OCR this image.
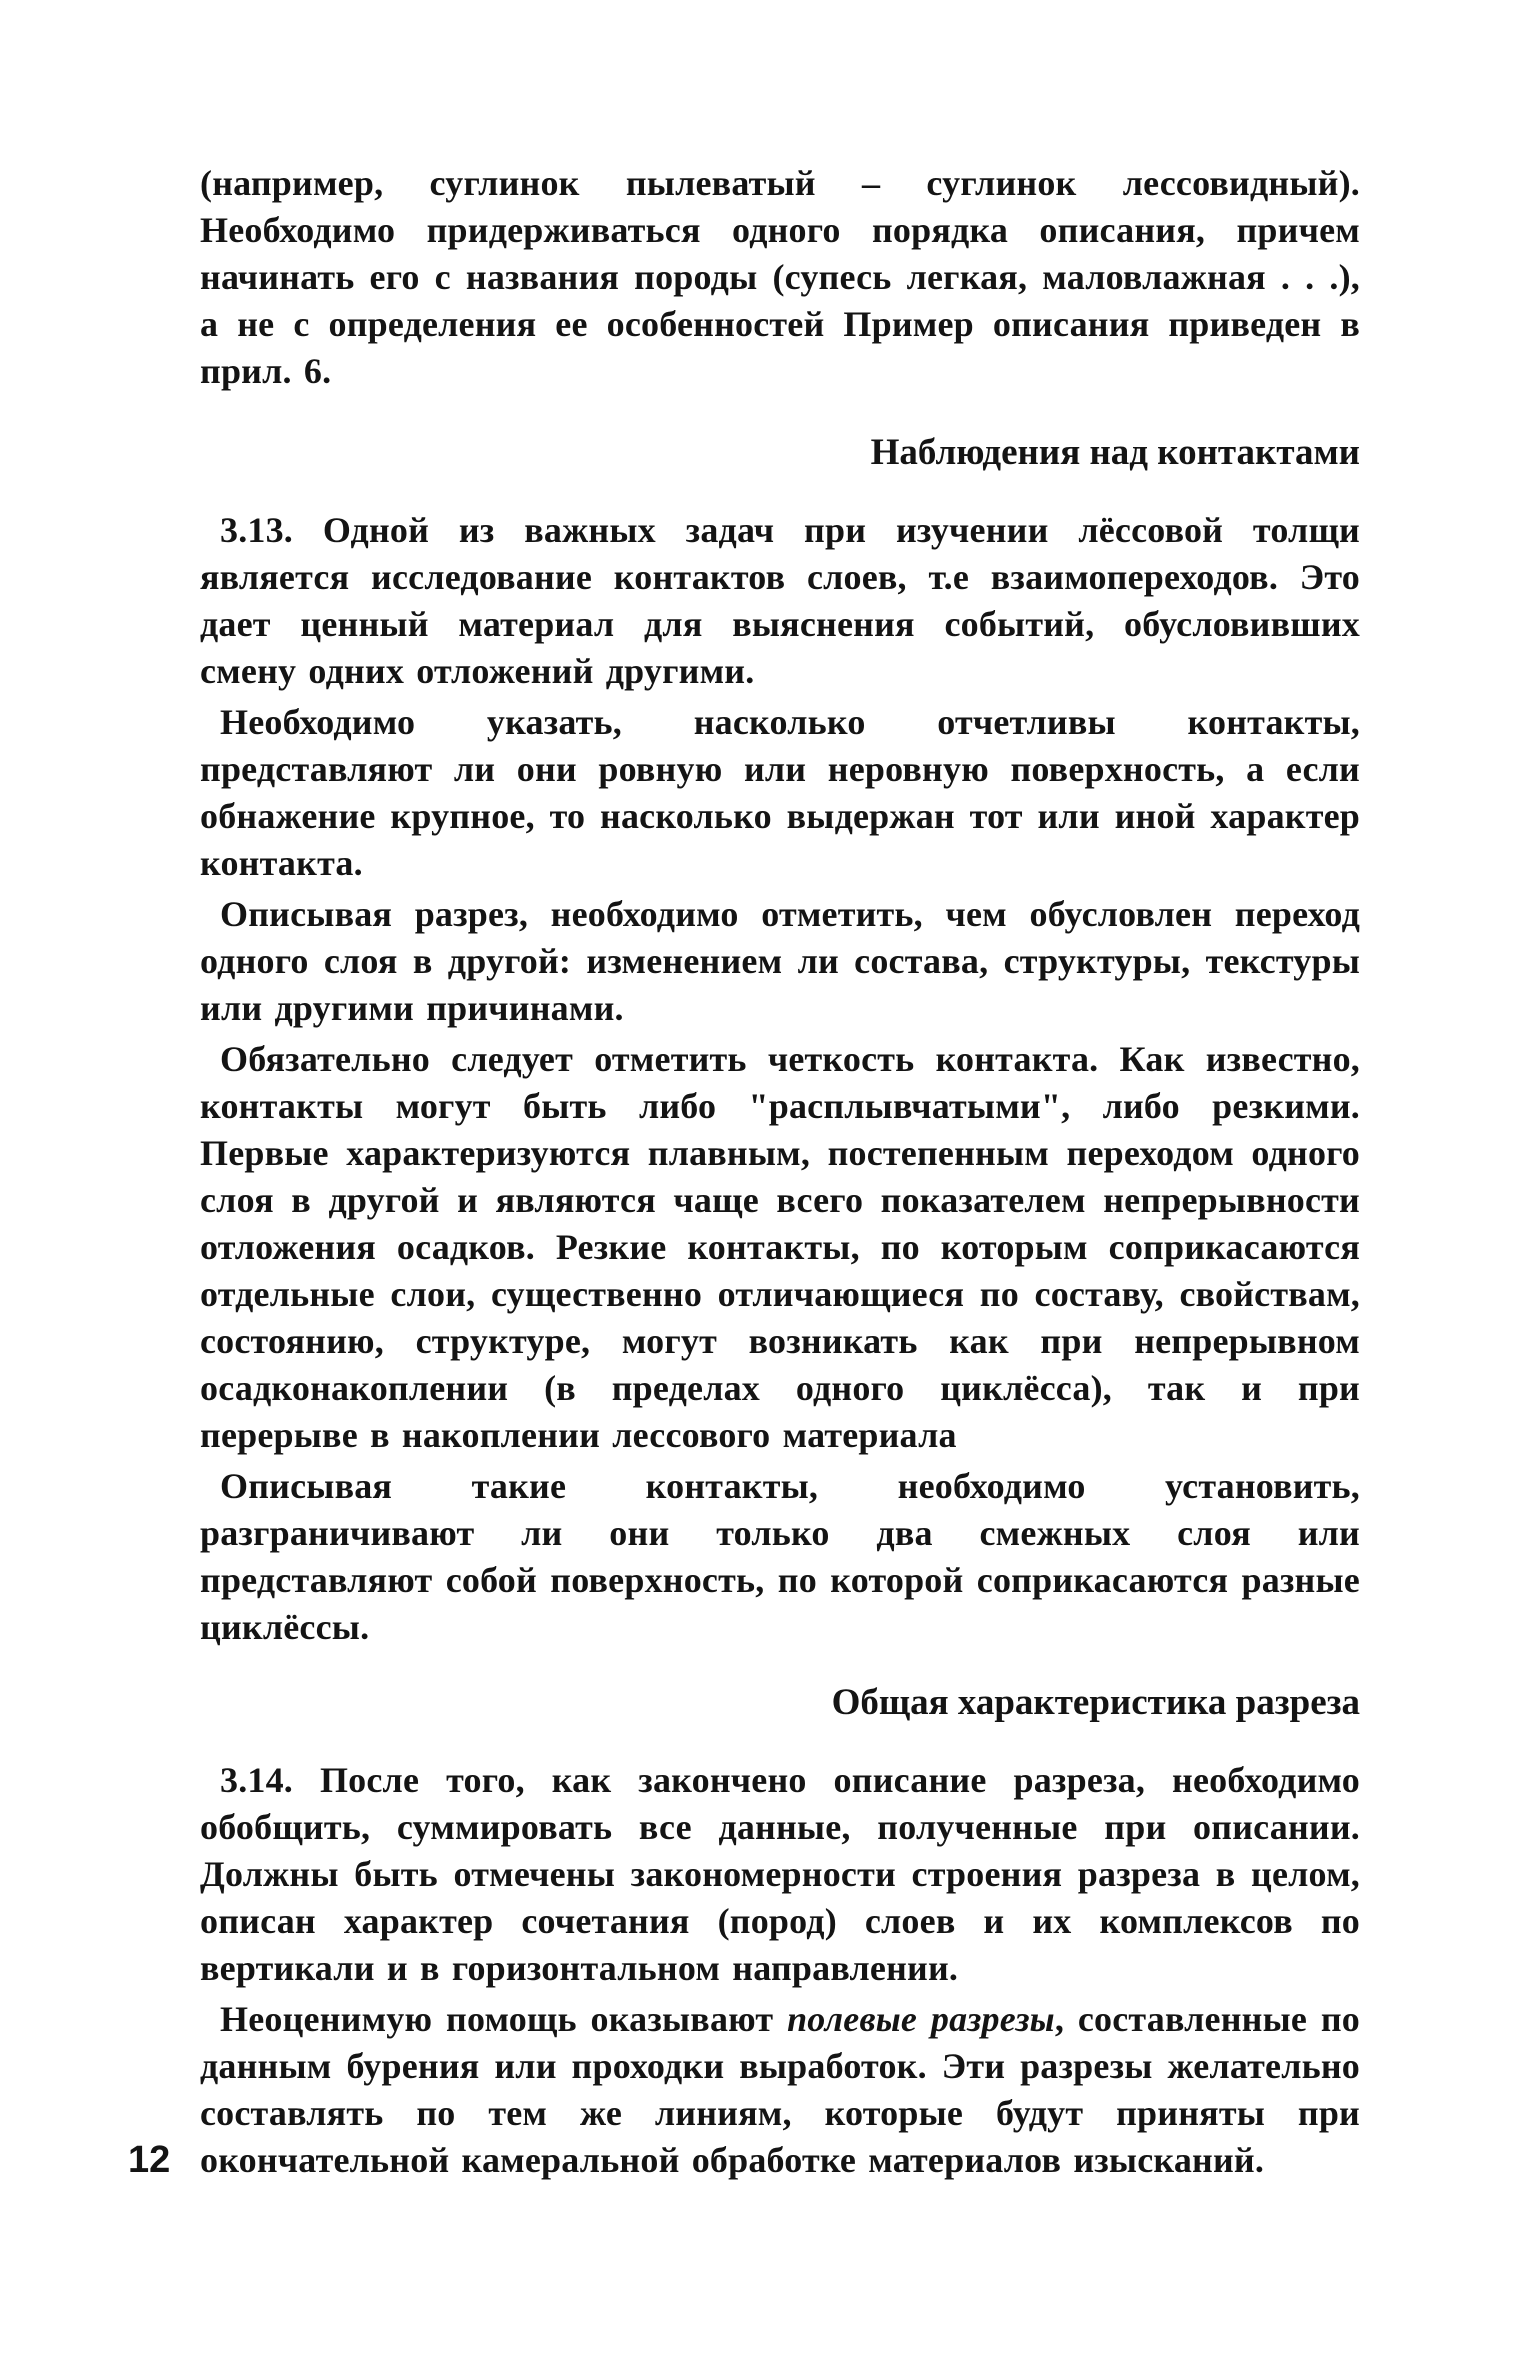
(например, суглинок пылеватый – суглинок лессовидный). Необходимо придерживаться одного порядка описания, причем начинать его с названия породы (супесь легкая, маловлажная . . .), а не с определения ее особенностей Пример описания приведен в прил. 6.

Наблюдения над контактами

3.13. Одной из важных задач при изучении лёссовой толщи является исследование контактов слоев, т.е взаимопереходов. Это дает ценный материал для выяснения событий, обусловивших смену одних отложений другими.

Необходимо указать, насколько отчетливы контакты, представляют ли они ровную или неровную поверхность, а если обнажение крупное, то насколько выдержан тот или иной характер контакта.

Описывая разрез, необходимо отметить, чем обусловлен переход одного слоя в другой: изменением ли состава, структуры, текстуры или другими причинами.

Обязательно следует отметить четкость контакта. Как известно, контакты могут быть либо "расплывчатыми", либо резкими. Первые характеризуются плавным, постепенным переходом одного слоя в другой и являются чаще всего показателем непрерывности отложения осадков. Резкие контакты, по которым соприкасаются отдельные слои, существенно отличающиеся по составу, свойствам, состоянию, структуре, могут возникать как при непрерывном осадконакоплении (в пределах одного циклёсса), так и при перерыве в накоплении лессового материала

Описывая такие контакты, необходимо установить, разграничивают ли они только два смежных слоя или представляют собой поверхность, по которой соприкасаются разные циклёссы.

Общая характеристика разреза

3.14. После того, как закончено описание разреза, необходимо обобщить, суммировать все данные, полученные при описании. Должны быть отмечены закономерности строения разреза в целом, описан характер сочетания (пород) слоев и их комплексов по вертикали и в горизонтальном направлении.

Неоценимую помощь оказывают полевые разрезы, составленные по данным бурения или проходки выработок. Эти разрезы желательно составлять по тем же линиям, которые будут приняты при окончательной камеральной обработке материалов изысканий.

12
